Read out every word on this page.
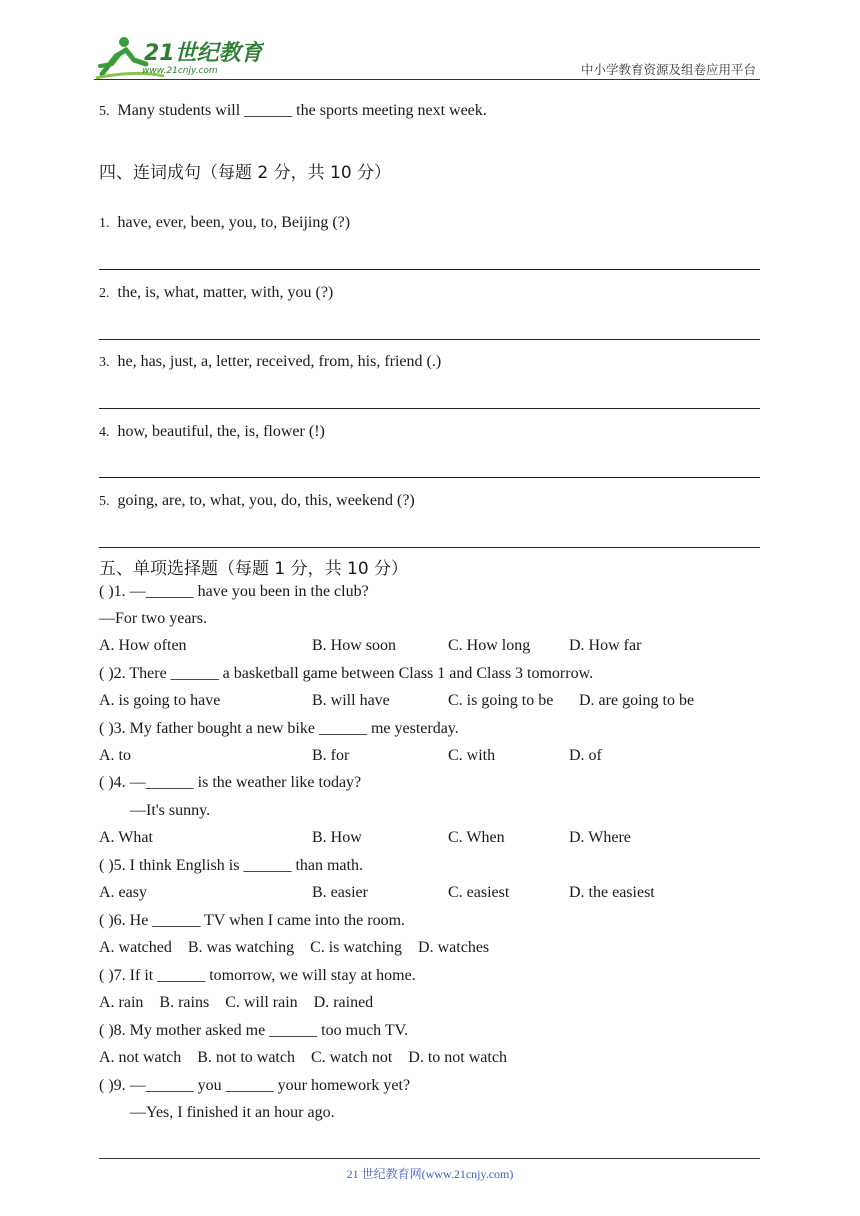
21世纪教育
www.21cnjy.com	中小学教育资源及组卷应用平台
5. Many students will ______ the sports meeting next week.
四、连词成句（每题 2 分，共 10 分）
1. have, ever, been, you, to, Beijing (?)
2. the, is, what, matter, with, you (?)
3. he, has, just, a, letter, received, from, his, friend (.)
4. how, beautiful, the, is, flower (!)
5. going, are, to, what, you, do, this, weekend (?)
五、单项选择题（每题 1 分，共 10 分）
( )1. —______ have you been in the club?
—For two years.
A. How often	B. How soon	C. How long D. How far
( )2. There ______ a basketball game between Class 1 and Class 3 tomorrow.
A. is going to have	B. will have	C. is going to be D. are going to be
( )3. My father bought a new bike ______ me yesterday.
A. to	B. for	C. with	D. of
( )4. —______ is the weather like today?
—It's sunny.
A. What	B. How	C. When	D. Where
( )5. I think English is ______ than math.
A. easy	B. easier	C. easiest	D. the easiest
( )6. He ______ TV when I came into the room.
A. watched    B. was watching    C. is watching    D. watches
( )7. If it ______ tomorrow, we will stay at home.
A. rain    B. rains    C. will rain    D. rained
( )8. My mother asked me ______ too much TV.
A. not watch    B. not to watch    C. watch not    D. to not watch
( )9. —______ you ______ your homework yet?
—Yes, I finished it an hour ago.
21 世纪教育网(www.21cnjy.com)
